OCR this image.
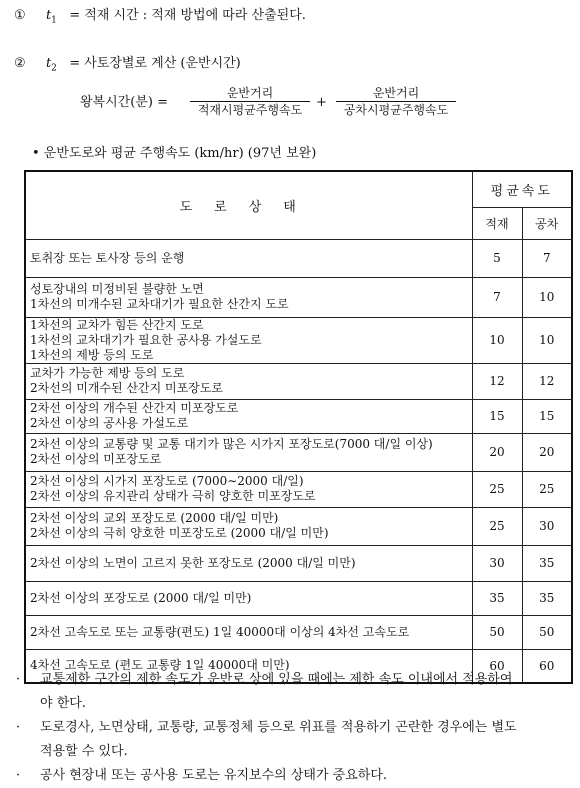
① $t_1$ = 적재 시간 : 적재 방법에 따라 산출된다.
② $t_2$ = 사토장별로 계산 (운반시간)
왕복시간(분) =
운반거리
적재시평균주행속도	+
운반거리
공차시평균주행속도
• 운반도로와 평균 주행속도 (km/hr) (97년 보완)
도로상태	평균속도	
	적재	공차

토취장 또는 토사장 등의 운행	5	7

성토장내의 미정비된 불량한 노면
1차선의 미개수된 교차대기가 필요한 산간지 도로	7	10

1차선의 교차가 힘든 산간지 도로
1차선의 교차대기가 필요한 공사용 가설도로
1차선의 제방 등의 도로	10	10

교차가 가능한 제방 등의 도로
2차선의 미개수된 산간지 미포장도로	12	12

2차선 이상의 개수된 산간지 미포장도로
2차선 이상의 공사용 가설도로	15	15

2차선 이상의 교통량 및 교통 대기가 많은 시가지 포장도로(7000 대/일 이상)
2차선 이상의 미포장도로	20	20

2차선 이상의 시가지 포장도로 (7000∼2000 대/일)
2차선 이상의 유지관리 상태가 극히 양호한 미포장도로	25	25

2차선 이상의 교외 포장도로 (2000 대/일 미만)
2차선 이상의 극히 양호한 미포장도로 (2000 대/일 미만)	25	30

2차선 이상의 노면이 고르지 못한 포장도로 (2000 대/일 미만)	30	35

2차선 이상의 포장도로 (2000 대/일 미만)	35	35

2차선 고속도로 또는 교통량(편도) 1일 40000대 이상의 4차선 고속도로	50	50

4차선 고속도로 (편도 교통량 1일 40000대 미만)	60	60
· 교통제한 구간의 제한 속도가 운반로 상에 있을 때에는 제한 속도 이내에서 적용하여
야 한다.
· 도로경사, 노면상태, 교통량, 교통정체 등으로 위표를 적용하기 곤란한 경우에는 별도
적용할 수 있다.
· 공사 현장내 또는 공사용 도로는 유지보수의 상태가 중요하다.
